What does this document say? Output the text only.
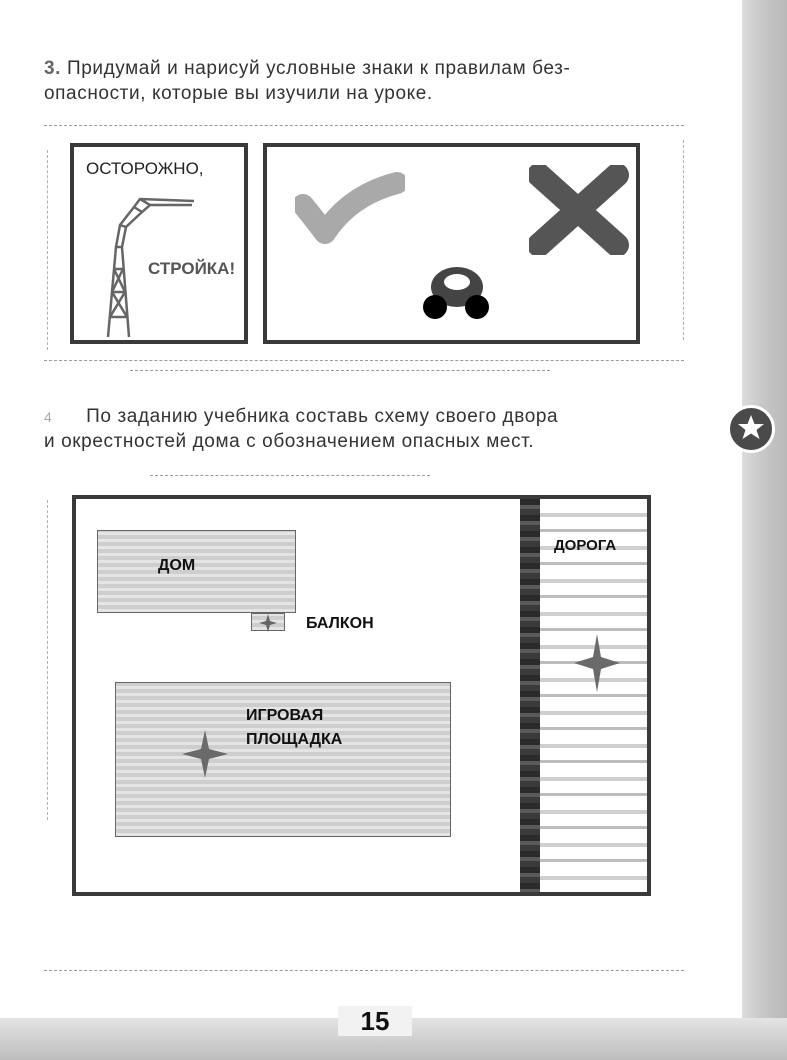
3. Придумай и нарисуй условные знаки к правилам без-
опасности, которые вы изучили на уроке.
ОСТОРОЖНО,
СТРОЙКА!
4 По заданию учебника составь схему своего двора
и окрестностей дома с обозначением опасных мест.
ДОМ
БАЛКОН
ИГРОВАЯ
ПЛОЩАДКА
ДОРОГА
15
